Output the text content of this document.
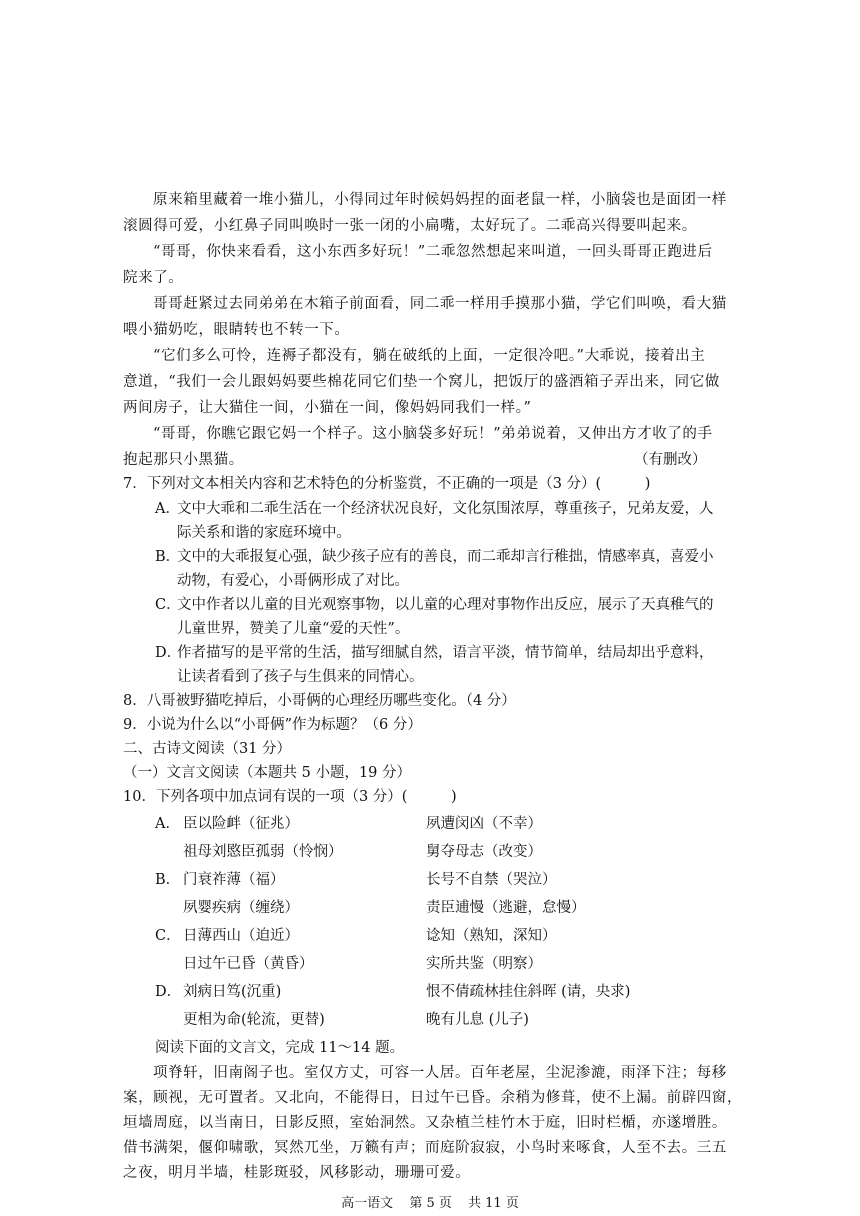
原来箱里藏着一堆小猫儿，小得同过年时候妈妈捏的面老鼠一样，小脑袋也是面团一样
滚圆得可爱，小红鼻子同叫唤时一张一闭的小扁嘴，太好玩了。二乖高兴得要叫起来。
“哥哥，你快来看看，这小东西多好玩！”二乖忽然想起来叫道，一回头哥哥正跑进后
院来了。
哥哥赶紧过去同弟弟在木箱子前面看，同二乖一样用手摸那小猫，学它们叫唤，看大猫
喂小猫奶吃，眼睛转也不转一下。
“它们多么可怜，连褥子都没有，躺在破纸的上面，一定很冷吧。”大乖说，接着出主
意道，“我们一会儿跟妈妈要些棉花同它们垫一个窝儿，把饭厅的盛酒箱子弄出来，同它做
两间房子，让大猫住一间，小猫在一间，像妈妈同我们一样。”
“哥哥，你瞧它跟它妈一个样子。这小脑袋多好玩！”弟弟说着，又伸出方才收了的手
抱起那只小黑猫。	（有删改）
7．下列对文本相关内容和艺术特色的分析鉴赏，不正确的一项是（3 分）(　　　)
A．文中大乖和二乖生活在一个经济状况良好，文化氛围浓厚，尊重孩子，兄弟友爱，人
际关系和谐的家庭环境中。
B．文中的大乖报复心强，缺少孩子应有的善良，而二乖却言行稚拙，情感率真，喜爱小
动物，有爱心，小哥俩形成了对比。
C．文中作者以儿童的目光观察事物，以儿童的心理对事物作出反应，展示了天真稚气的
儿童世界，赞美了儿童“爱的天性”。
D．作者描写的是平常的生活，描写细腻自然，语言平淡，情节简单，结局却出乎意料，
让读者看到了孩子与生俱来的同情心。
8．八哥被野猫吃掉后，小哥俩的心理经历哪些变化。（4 分）
9．小说为什么以“小哥俩”作为标题？（6 分）
二、古诗文阅读（31 分）
（一）文言文阅读（本题共 5 小题，19 分）
10．下列各项中加点词有误的一项（3 分）(　　　)
A． 臣以险衅（征兆）	夙遭闵凶（不幸）
祖母刘愍臣孤弱（怜悯）	舅夺母志（改变）
B． 门衰祚薄（福）	长号不自禁（哭泣）
夙婴疾病（缠绕）	责臣逋慢（逃避，怠慢）
C． 日薄西山（迫近）	谂知（熟知，深知）
日过午已昏（黄昏）	实所共鉴（明察）
D． 刘病日笃(沉重)	恨不倩疏林挂住斜晖 (请，央求)
更相为命(轮流，更替)	晚有儿息 (儿子)
阅读下面的文言文，完成 11～14 题。
项脊轩，旧南阁子也。室仅方丈，可容一人居。百年老屋，尘泥渗漉，雨泽下注；每移
案，顾视，无可置者。又北向，不能得日，日过午已昏。余稍为修葺，使不上漏。前辟四窗，
垣墙周庭，以当南日，日影反照，室始洞然。又杂植兰桂竹木于庭，旧时栏楯，亦遂增胜。
借书满架，偃仰啸歌，冥然兀坐，万籁有声；而庭阶寂寂，小鸟时来啄食，人至不去。三五
之夜，明月半墙，桂影斑驳，风移影动，珊珊可爱。
高一语文 第 5 页 共 11 页
